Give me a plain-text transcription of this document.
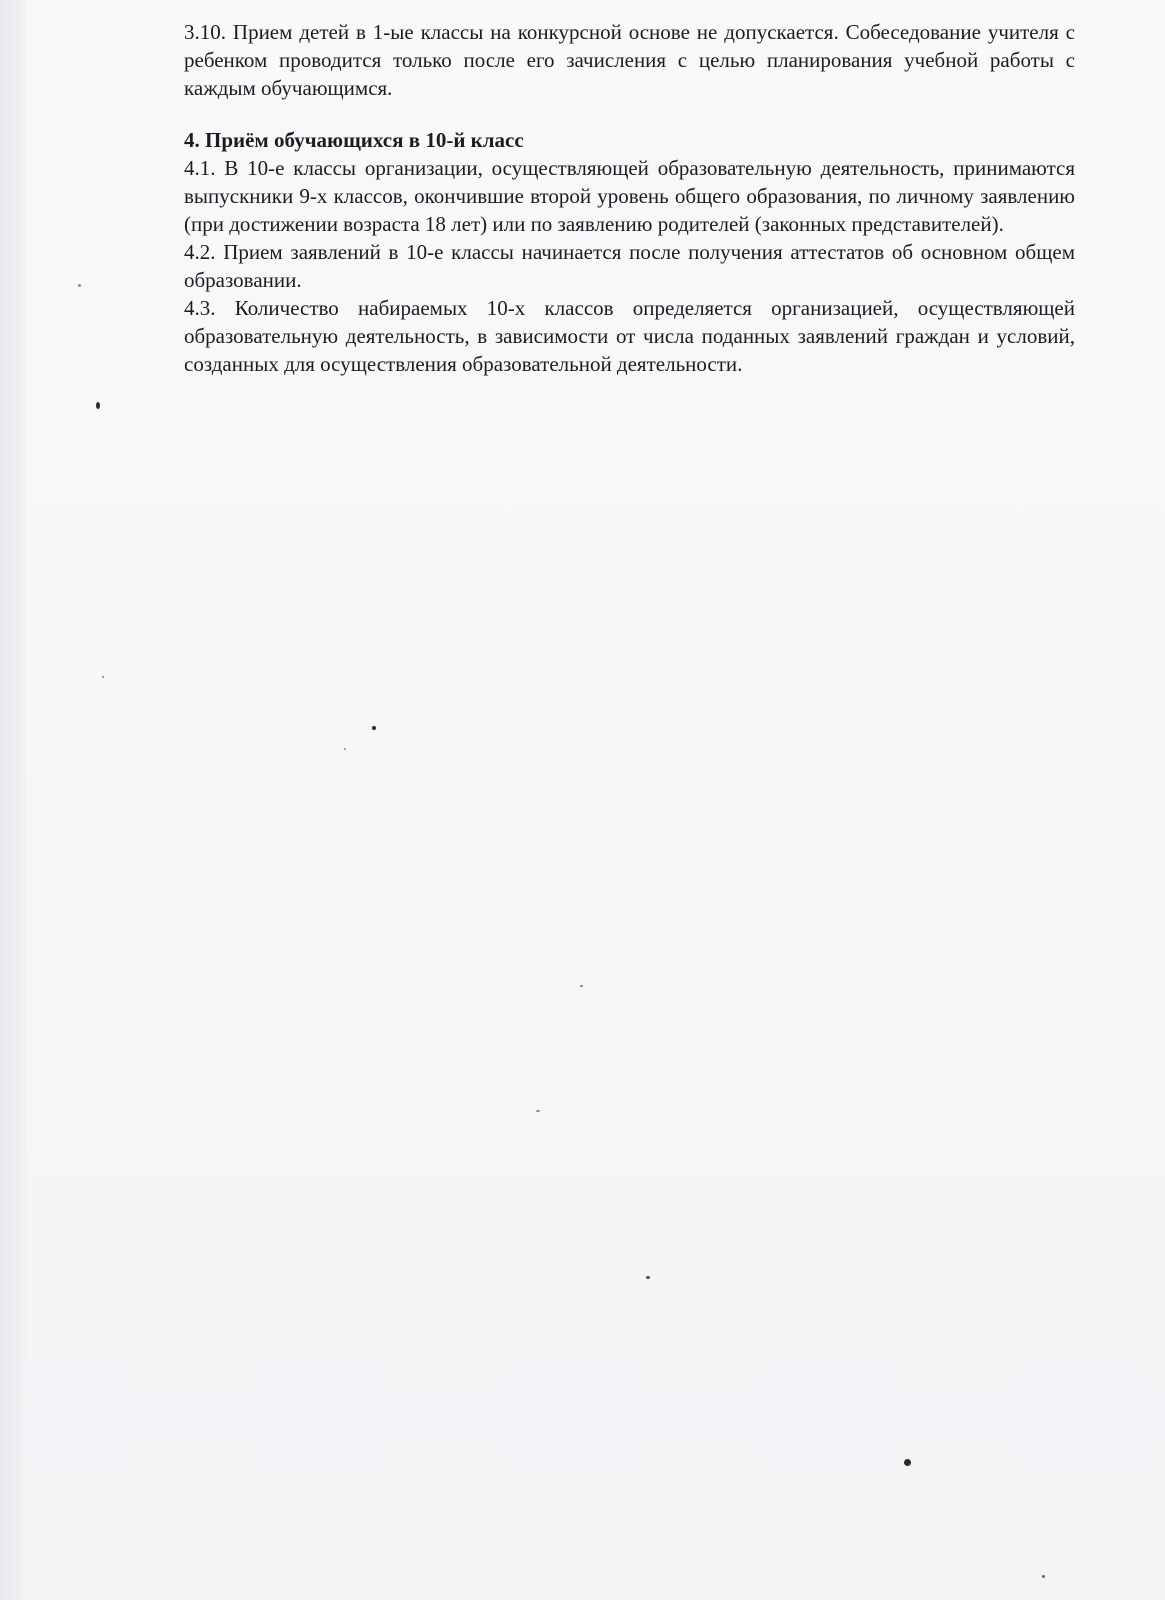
3.10. Прием детей в 1-ые классы на конкурсной основе не допускается. Собеседование учителя с ребенком проводится только после его зачисления с целью планирования учебной работы с каждым обучающимся.

4. Приём обучающихся в 10-й класс

4.1. В 10-е классы организации, осуществляющей образовательную деятельность, принимаются выпускники 9-х классов, окончившие второй уровень общего образования, по личному заявлению (при достижении возраста 18 лет) или по заявлению родителей (законных представителей).

4.2. Прием заявлений в 10-е классы начинается после получения аттестатов об основном общем образовании.

4.3. Количество набираемых 10-х классов определяется организацией, осуществляющей образовательную деятельность, в зависимости от числа поданных заявлений граждан и условий, созданных для осуществления образовательной деятельности.
